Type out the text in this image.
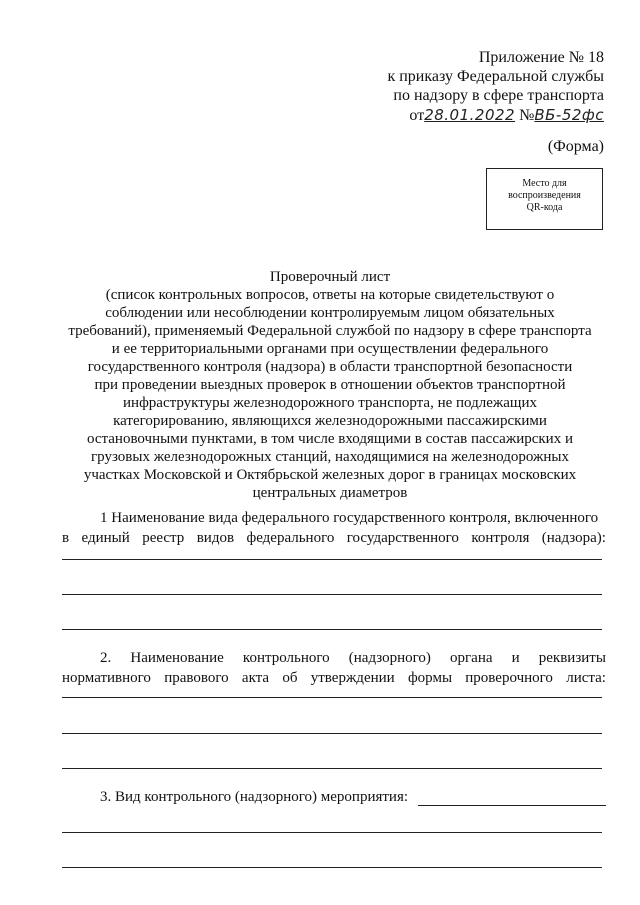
Приложение № 18
к приказу Федеральной службы
по надзору в сфере транспорта
от28.01.2022 №ВБ-52фс
(Форма)
Место для
воспроизведения
QR-кода
Проверочный лист
(список контрольных вопросов, ответы на которые свидетельствуют о
соблюдении или несоблюдении контролируемым лицом обязательных
требований), применяемый Федеральной службой по надзору в сфере транспорта
и ее территориальными органами при осуществлении федерального
государственного контроля (надзора) в области транспортной безопасности
при проведении выездных проверок в отношении объектов транспортной
инфраструктуры железнодорожного транспорта, не подлежащих
категорированию, являющихся железнодорожными пассажирскими
остановочными пунктами, в том числе входящими в состав пассажирских и
грузовых железнодорожных станций, находящимися на железнодорожных
участках Московской и Октябрьской железных дорог в границах московских
центральных диаметров
1 Наименование вида федерального государственного контроля, включенного
в единый реестр видов федерального государственного контроля (надзора):
2. Наименование контрольного (надзорного) органа и реквизиты
нормативного правового акта об утверждении формы проверочного листа:
3. Вид контрольного (надзорного) мероприятия:
